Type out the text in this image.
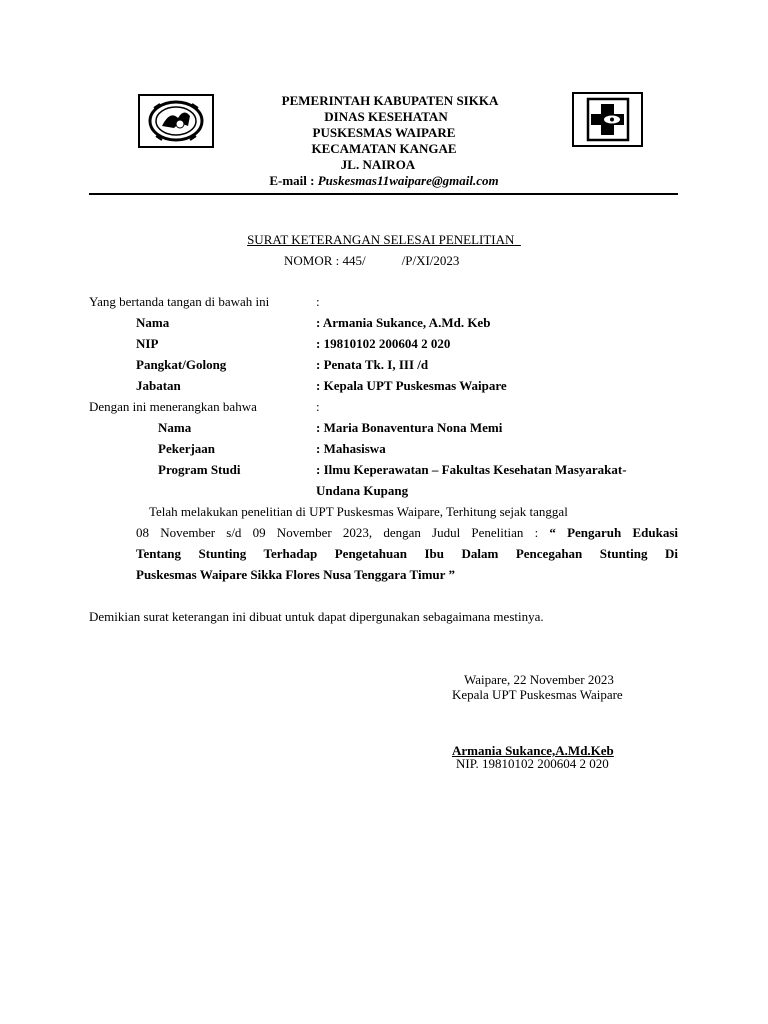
PEMERINTAH KABUPATEN SIKKA
DINAS KESEHATAN
PUSKESMAS WAIPARE
KECAMATAN KANGAE
JL. NAIROA
E-mail : Puskesmas11waipare@gmail.com
SURAT KETERANGAN SELESAI PENELITIAN
NOMOR : 445/	/P/XI/2023
Yang bertanda tangan di bawah ini	:
Nama	: Armania Sukance, A.Md. Keb
NIP	: 19810102 200604 2 020
Pangkat/Golong	: Penata Tk. I, III /d
Jabatan	: Kepala UPT Puskesmas Waipare
Dengan ini menerangkan bahwa	:
Nama	: Maria Bonaventura Nona Memi
Pekerjaan	: Mahasiswa
Program Studi	: Ilmu Keperawatan – Fakultas Kesehatan Masyarakat-
Undana Kupang
Telah melakukan penelitian di UPT Puskesmas Waipare, Terhitung sejak tanggal
08 November s/d 09 November 2023, dengan Judul Penelitian : “ Pengaruh Edukasi
Tentang Stunting Terhadap Pengetahuan Ibu Dalam Pencegahan Stunting Di
Puskesmas Waipare Sikka Flores Nusa Tenggara Timur ”
Demikian surat keterangan ini dibuat untuk dapat dipergunakan sebagaimana mestinya.
Waipare, 22 November 2023
Kepala UPT Puskesmas Waipare
Armania Sukance,A.Md.Keb
NIP. 19810102 200604 2 020
